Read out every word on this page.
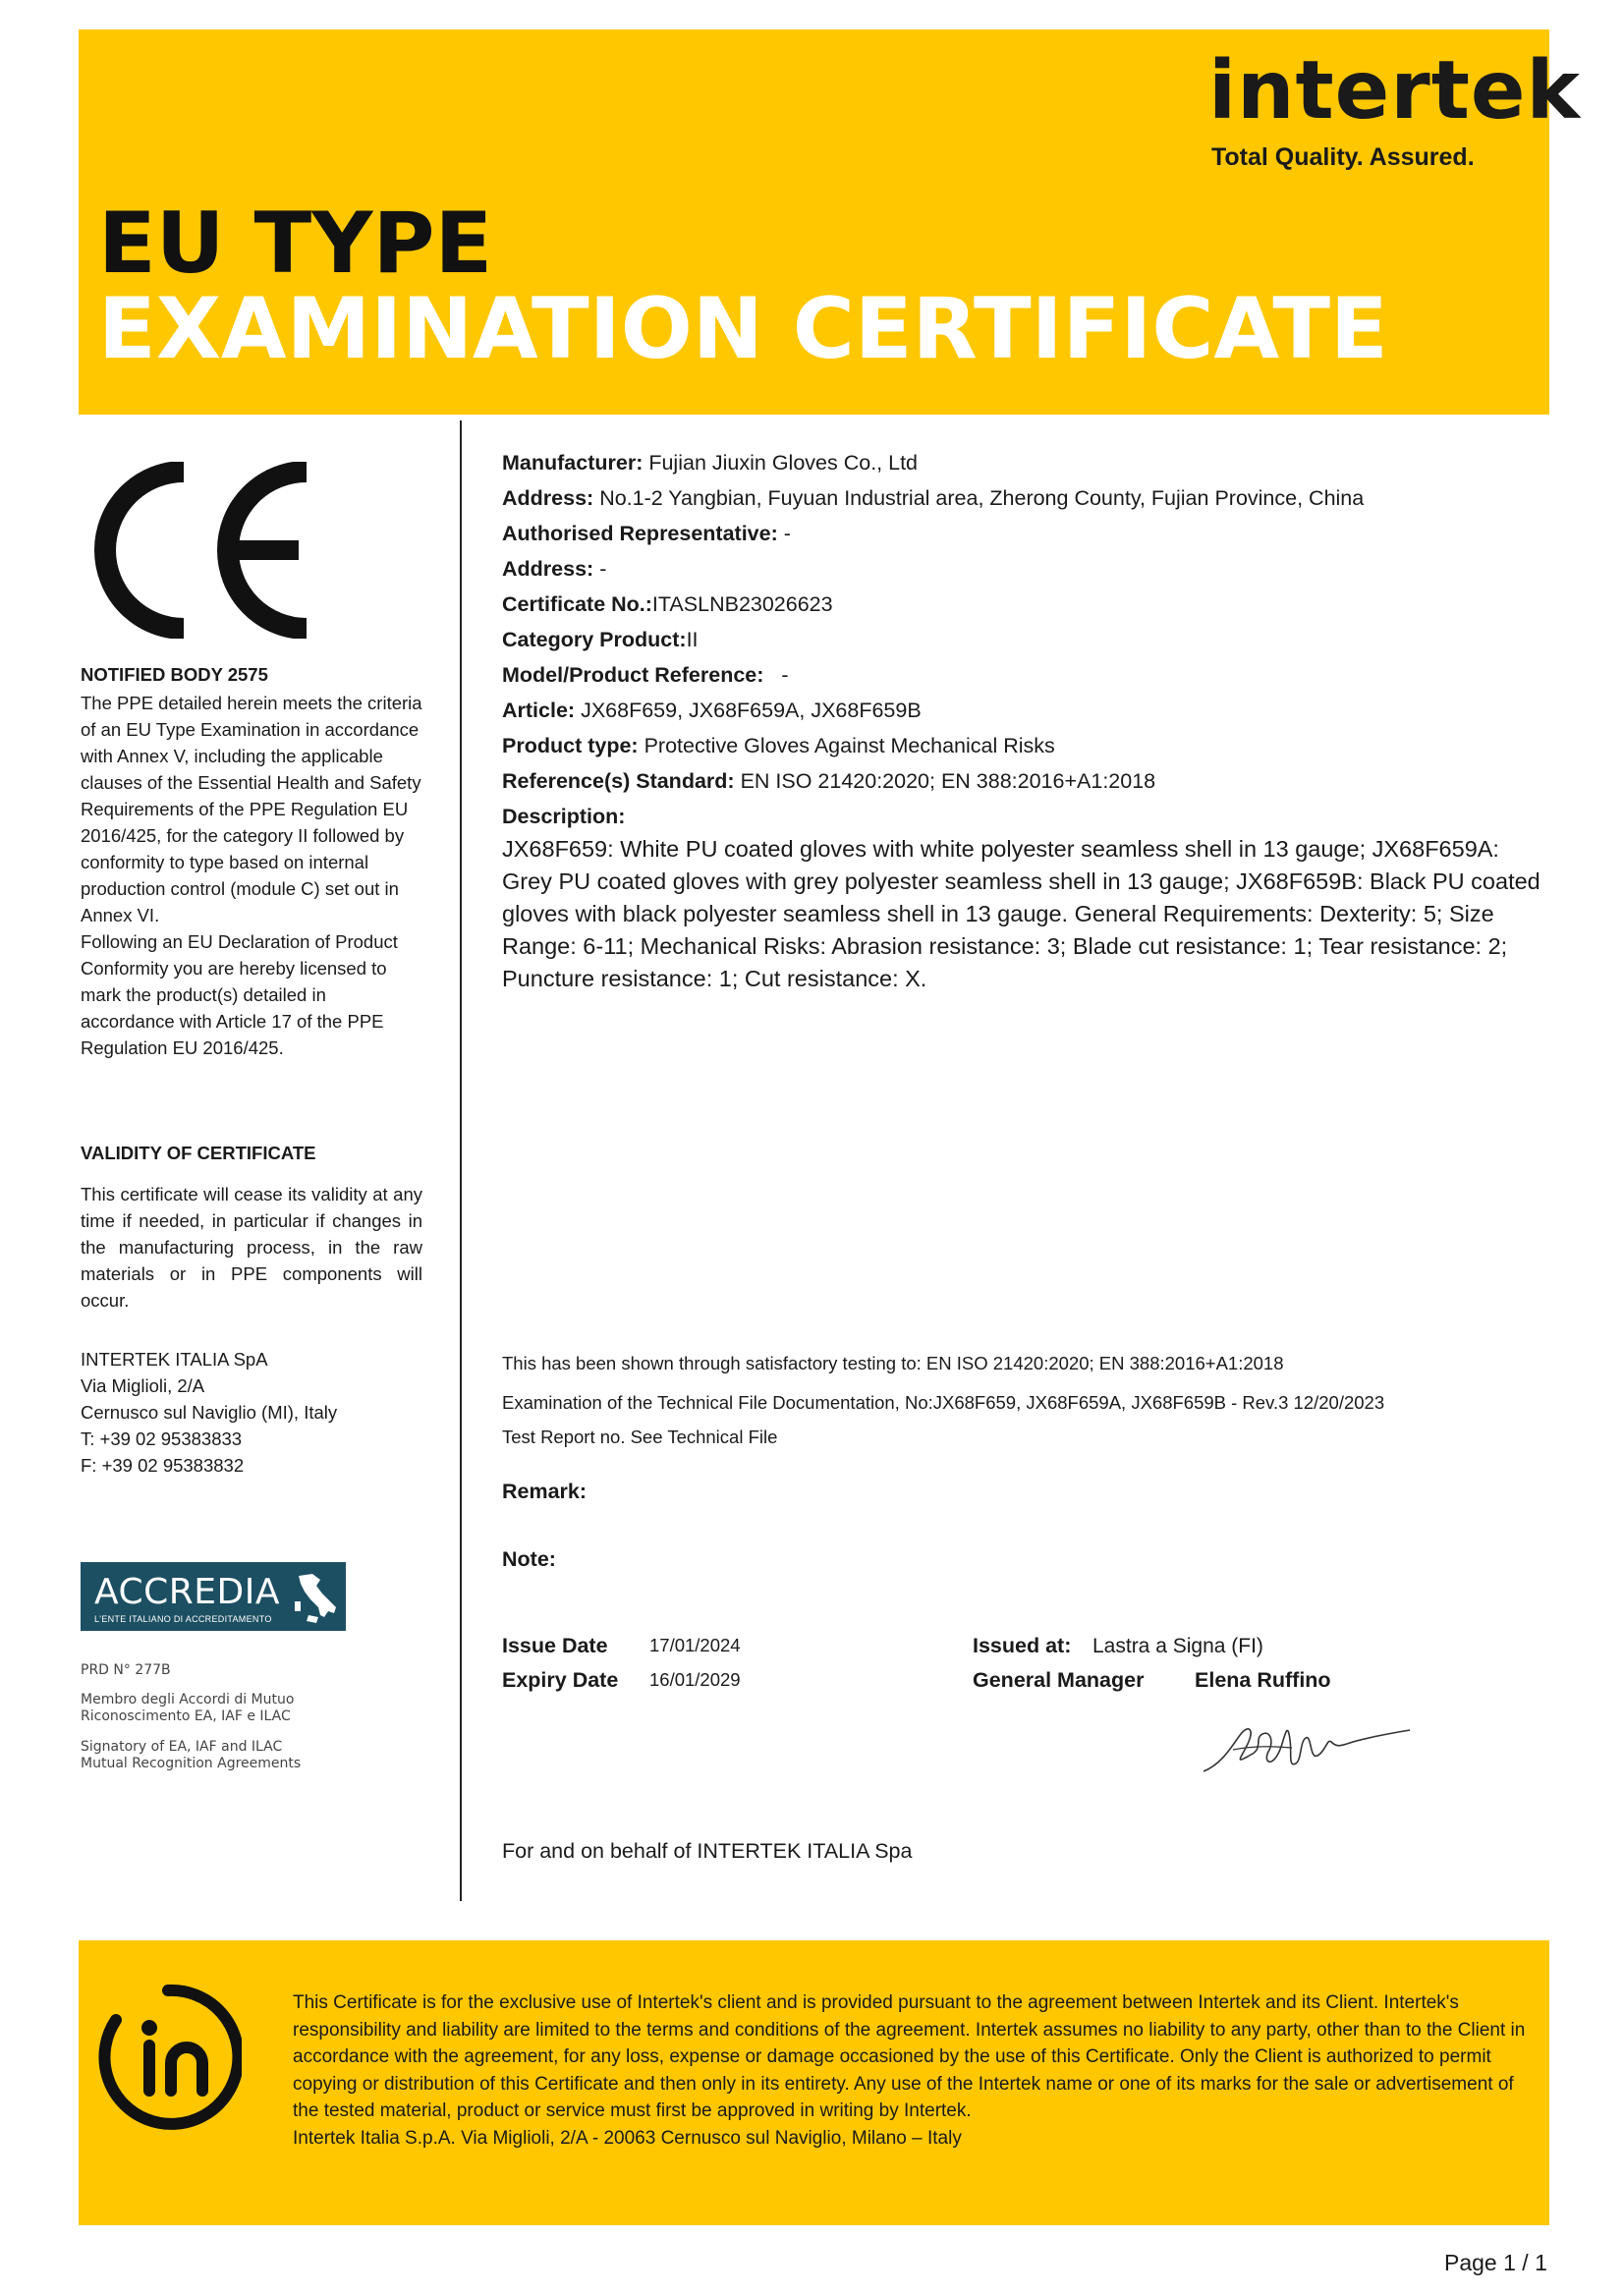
intertek
Total Quality. Assured.
EU TYPE
EXAMINATION CERTIFICATE
NOTIFIED BODY 2575
The PPE detailed herein meets the criteria of an EU Type Examination in accordance with Annex V, including the applicable clauses of the Essential Health and Safety Requirements of the PPE Regulation EU 2016/425, for the category II followed by conformity to type based on internal production control (module C) set out in Annex VI.
Following an EU Declaration of Product Conformity you are hereby licensed to mark the product(s) detailed in accordance with Article 17 of the PPE Regulation EU 2016/425.
VALIDITY OF CERTIFICATE
This certificate will cease its validity at any time if needed, in particular if changes in the manufacturing process, in the raw materials or in PPE components will occur.
INTERTEK ITALIA SpA
Via Miglioli, 2/A
Cernusco sul Naviglio (MI), Italy
T: +39 02 95383833
F: +39 02 95383832
ACCREDIA
L'ENTE ITALIANO DI ACCREDITAMENTO
PRD N° 277B
Membro degli Accordi di Mutuo
Riconoscimento EA, IAF e ILAC
Signatory of EA, IAF and ILAC
Mutual Recognition Agreements
Manufacturer: Fujian Jiuxin Gloves Co., Ltd
Address: No.1-2 Yangbian, Fuyuan Industrial area, Zherong County, Fujian Province, China
Authorised Representative: -
Address: -
Certificate No.:ITASLNB23026623
Category Product:II
Model/Product Reference: -
Article: JX68F659, JX68F659A, JX68F659B
Product type: Protective Gloves Against Mechanical Risks
Reference(s) Standard: EN ISO 21420:2020; EN 388:2016+A1:2018
Description:
JX68F659: White PU coated gloves with white polyester seamless shell in 13 gauge; JX68F659A: Grey PU coated gloves with grey polyester seamless shell in 13 gauge; JX68F659B: Black PU coated gloves with black polyester seamless shell in 13 gauge. General Requirements: Dexterity: 5; Size Range: 6-11; Mechanical Risks: Abrasion resistance: 3; Blade cut resistance: 1; Tear resistance: 2; Puncture resistance: 1; Cut resistance: X.
This has been shown through satisfactory testing to: EN ISO 21420:2020; EN 388:2016+A1:2018
Examination of the Technical File Documentation, No:JX68F659, JX68F659A, JX68F659B - Rev.3 12/20/2023
Test Report no. See Technical File
Remark:
Note:
Issue Date 17/01/2024
Expiry Date 16/01/2029
Issued at: Lastra a Signa (FI)
General Manager Elena Ruffino
For and on behalf of INTERTEK ITALIA Spa
This Certificate is for the exclusive use of Intertek's client and is provided pursuant to the agreement between Intertek and its Client. Intertek's responsibility and liability are limited to the terms and conditions of the agreement. Intertek assumes no liability to any party, other than to the Client in accordance with the agreement, for any loss, expense or damage occasioned by the use of this Certificate. Only the Client is authorized to permit copying or distribution of this Certificate and then only in its entirety. Any use of the Intertek name or one of its marks for the sale or advertisement of the tested material, product or service must first be approved in writing by Intertek.
Intertek Italia S.p.A. Via Miglioli, 2/A - 20063 Cernusco sul Naviglio, Milano – Italy
Page 1 / 1
